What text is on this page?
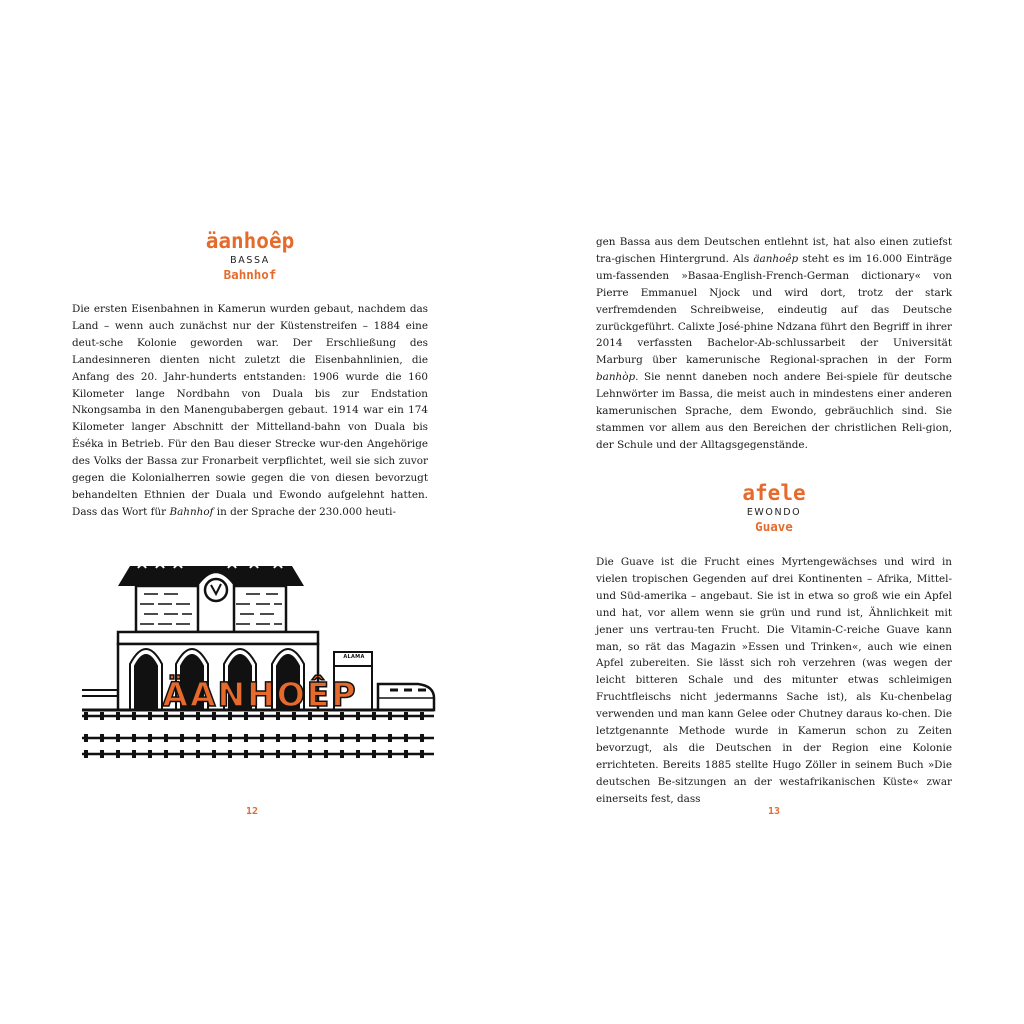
äanhoêp
BASSA
Bahnhof

Die ersten Eisenbahnen in Kamerun wurden gebaut, nachdem das Land – wenn auch zunächst nur der Küstenstreifen – 1884 eine deut-sche Kolonie geworden war. Der Erschließung des Landesinneren dienten nicht zuletzt die Eisenbahnlinien, die Anfang des 20. Jahr-hunderts entstanden: 1906 wurde die 160 Kilometer lange Nordbahn von Duala bis zur Endstation Nkongsamba in den Manengubabergen gebaut. 1914 war ein 174 Kilometer langer Abschnitt der Mittelland-bahn von Duala bis Éséka in Betrieb. Für den Bau dieser Strecke wur-den Angehörige des Volks der Bassa zur Fronarbeit verpflichtet, weil sie sich zuvor gegen die Kolonialherren sowie gegen die von diesen bevorzugt behandelten Ethnien der Duala und Ewondo aufgelehnt hatten. Dass das Wort für Bahnhof in der Sprache der 230.000 heuti-

ALAMA
ÄANHOÊP
12

gen Bassa aus dem Deutschen entlehnt ist, hat also einen zutiefst tra-gischen Hintergrund. Als äanhoêp steht es im 16.000 Einträge um-fassenden »Basaa-English-French-German dictionary« von Pierre Emmanuel Njock und wird dort, trotz der stark verfremdenden Schreibweise, eindeutig auf das Deutsche zurückgeführt. Calixte José-phine Ndzana führt den Begriff in ihrer 2014 verfassten Bachelor-Ab-schlussarbeit der Universität Marburg über kamerunische Regional-sprachen in der Form banhòp. Sie nennt daneben noch andere Bei-spiele für deutsche Lehnwörter im Bassa, die meist auch in mindestens einer anderen kamerunischen Sprache, dem Ewondo, gebräuchlich sind. Sie stammen vor allem aus den Bereichen der christlichen Reli-gion, der Schule und der Alltagsgegenstände.

afele
EWONDO
Guave

Die Guave ist die Frucht eines Myrtengewächses und wird in vielen tropischen Gegenden auf drei Kontinenten – Afrika, Mittel- und Süd-amerika – angebaut. Sie ist in etwa so groß wie ein Apfel und hat, vor allem wenn sie grün und rund ist, Ähnlichkeit mit jener uns vertrau-ten Frucht. Die Vitamin-C-reiche Guave kann man, so rät das Magazin »Essen und Trinken«, auch wie einen Apfel zubereiten. Sie lässt sich roh verzehren (was wegen der leicht bitteren Schale und des mitunter etwas schleimigen Fruchtfleischs nicht jedermanns Sache ist), als Ku-chenbelag verwenden und man kann Gelee oder Chutney daraus ko-chen. Die letztgenannte Methode wurde in Kamerun schon zu Zeiten bevorzugt, als die Deutschen in der Region eine Kolonie errichteten. Bereits 1885 stellte Hugo Zöller in seinem Buch »Die deutschen Be-sitzungen an der westafrikanischen Küste« zwar einerseits fest, dass

13
